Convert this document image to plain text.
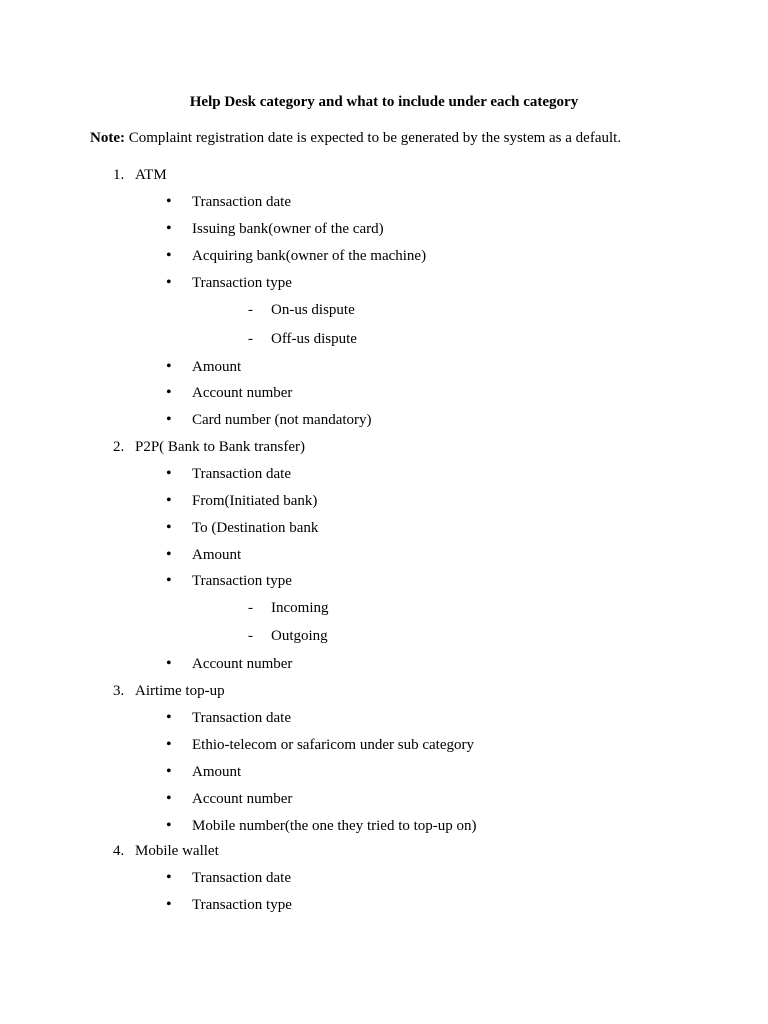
Help Desk category and what to include under each category

Note: Complaint registration date is expected to be generated by the system as a default.

1. ATM
• Transaction date
• Issuing bank(owner of the card)
• Acquiring bank(owner of the machine)
• Transaction type
- On-us dispute
- Off-us dispute
• Amount
• Account number
• Card number (not mandatory)
2. P2P( Bank to Bank transfer)
• Transaction date
• From(Initiated bank)
• To (Destination bank
• Amount
• Transaction type
- Incoming
- Outgoing
• Account number
3. Airtime top-up
• Transaction date
• Ethio-telecom or safaricom under sub category
• Amount
• Account number
• Mobile number(the one they tried to top-up on)
4. Mobile wallet
• Transaction date
• Transaction type
